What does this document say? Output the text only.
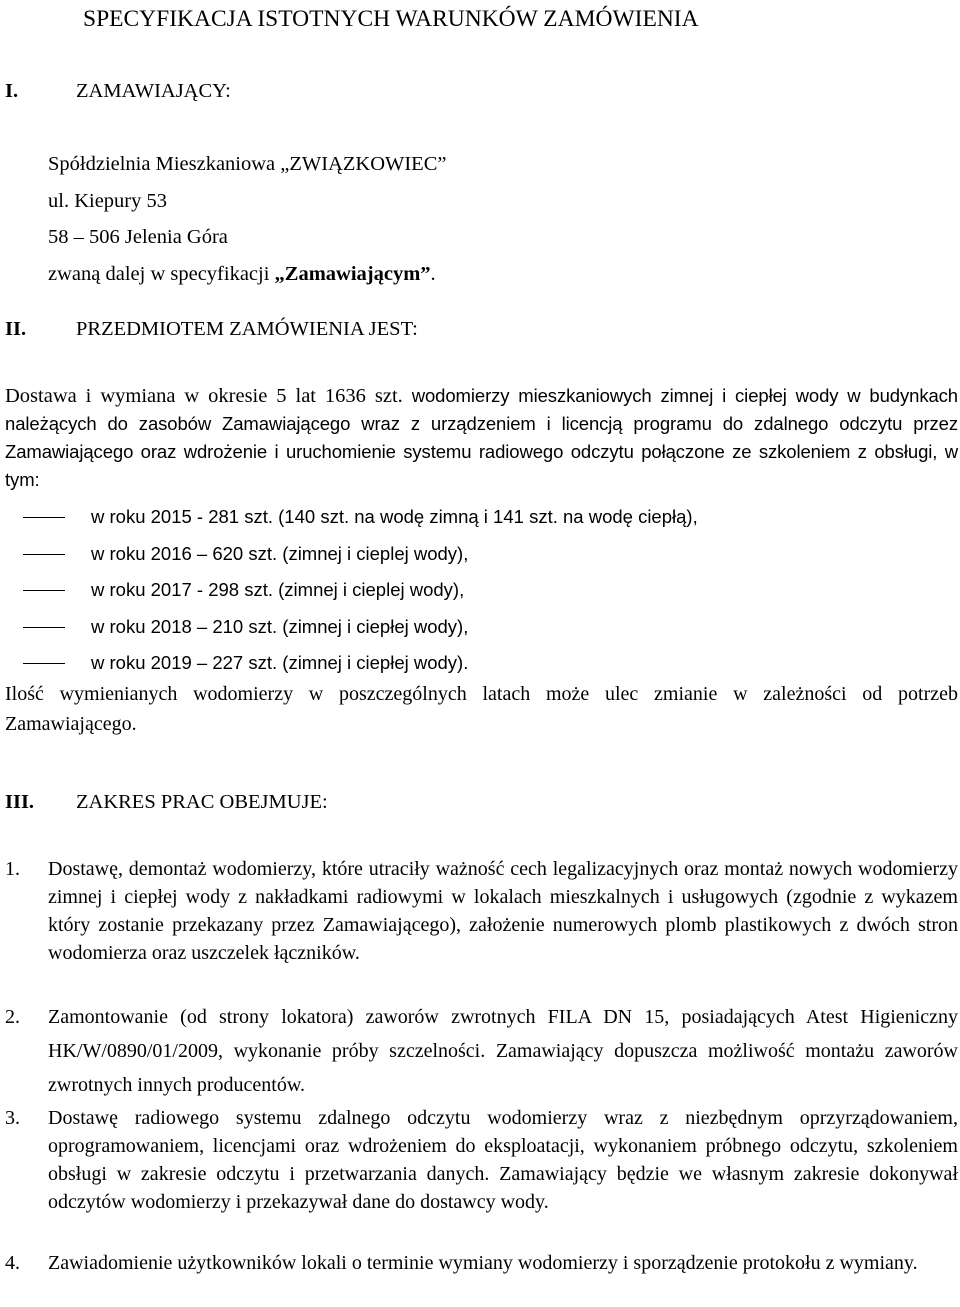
SPECYFIKACJA ISTOTNYCH WARUNKÓW ZAMÓWIENIA
I.	ZAMAWIAJĄCY:
Spółdzielnia Mieszkaniowa „ZWIĄZKOWIEC”
ul. Kiepury 53
58 – 506 Jelenia Góra
zwaną dalej w specyfikacji „Zamawiającym”.
II. PRZEDMIOTEM ZAMÓWIENIA JEST:
Dostawa i wymiana w okresie 5 lat 1636 szt. wodomierzy mieszkaniowych zimnej i ciepłej wody w budynkach należących do zasobów Zamawiającego wraz z urządzeniem i licencją programu do zdalnego odczytu przez Zamawiającego oraz wdrożenie i uruchomienie systemu radiowego odczytu połączone ze szkoleniem z obsługi, w tym:
w roku 2015 - 281 szt. (140 szt. na wodę zimną i 141 szt. na wodę ciepłą),
w roku 2016 – 620 szt. (zimnej i cieplej wody),
w roku 2017 - 298 szt. (zimnej i cieplej wody),
w roku 2018 – 210 szt. (zimnej i ciepłej wody),
w roku 2019 – 227 szt. (zimnej i ciepłej wody).
Ilość wymienianych wodomierzy w poszczególnych latach może ulec zmianie w zależności od potrzeb Zamawiającego.
III. ZAKRES PRAC OBEJMUJE:
1. Dostawę, demontaż wodomierzy, które utraciły ważność cech legalizacyjnych oraz montaż nowych wodomierzy zimnej i ciepłej wody z nakładkami radiowymi w lokalach mieszkalnych i usługowych (zgodnie z wykazem który zostanie przekazany przez Zamawiającego), założenie numerowych plomb plastikowych z dwóch stron wodomierza oraz uszczelek łączników.
2. Zamontowanie (od strony lokatora) zaworów zwrotnych FILA DN 15, posiadających Atest Higieniczny HK/W/0890/01/2009, wykonanie próby szczelności. Zamawiający dopuszcza możliwość montażu zaworów zwrotnych innych producentów.
3. Dostawę radiowego systemu zdalnego odczytu wodomierzy wraz z niezbędnym oprzyrządowaniem, oprogramowaniem, licencjami oraz wdrożeniem do eksploatacji, wykonaniem próbnego odczytu, szkoleniem obsługi w zakresie odczytu i przetwarzania danych. Zamawiający będzie we własnym zakresie dokonywał odczytów wodomierzy i przekazywał dane do dostawcy wody.
4. Zawiadomienie użytkowników lokali o terminie wymiany wodomierzy i sporządzenie protokołu z wymiany.
